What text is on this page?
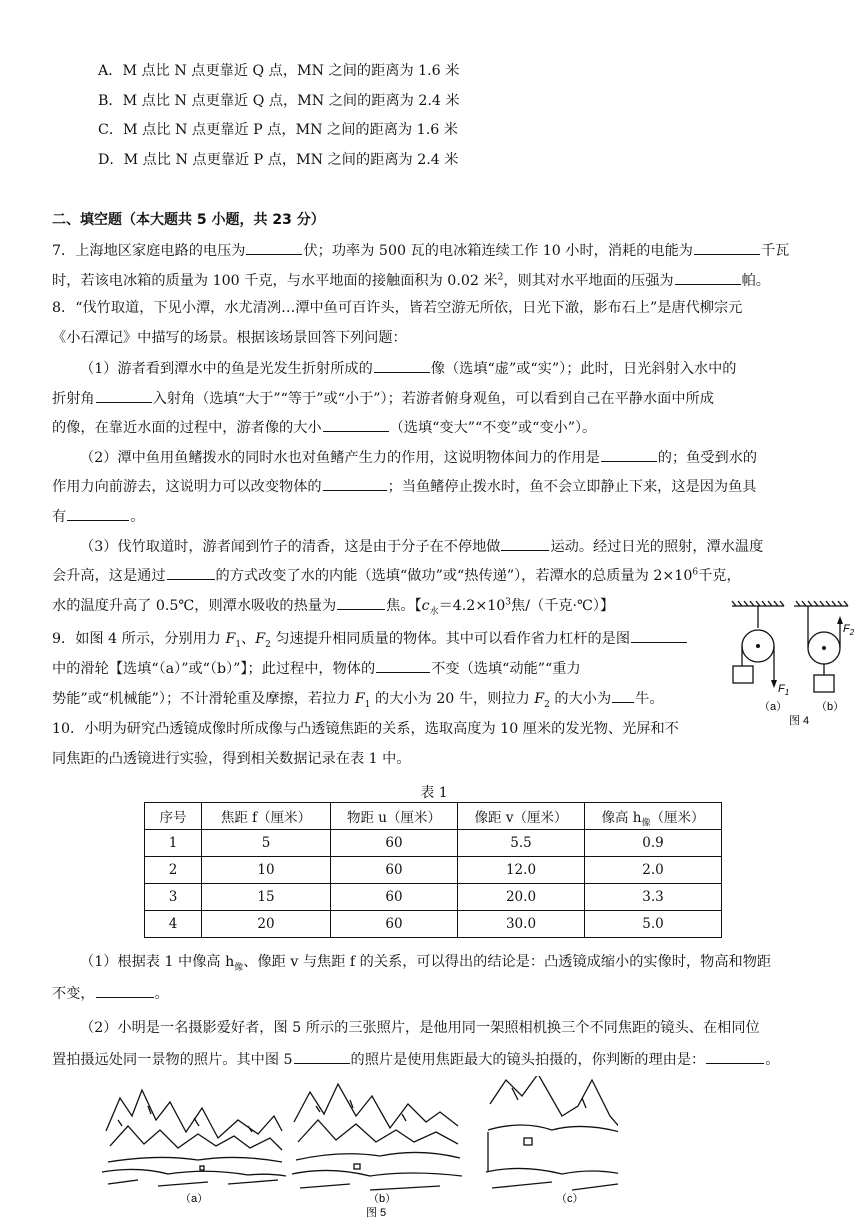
A．M 点比 N 点更靠近 Q 点，MN 之间的距离为 1.6 米
B．M 点比 N 点更靠近 Q 点，MN 之间的距离为 2.4 米
C．M 点比 N 点更靠近 P 点，MN 之间的距离为 1.6 米
D．M 点比 N 点更靠近 P 点，MN 之间的距离为 2.4 米
二、填空题（本大题共 5 小题，共 23 分）
7．上海地区家庭电路的电压为	伏；功率为 500 瓦的电冰箱连续工作 10 小时，消耗的电能为	千瓦
时，若该电冰箱的质量为 100 千克，与水平地面的接触面积为 0.02 米$^2$，则其对水平地面的压强为	帕。
8．“伐竹取道，下见小潭，水尤清冽…潭中鱼可百许头，皆若空游无所依，日光下澈，影布石上”是唐代柳宗元
《小石潭记》中描写的场景。根据该场景回答下列问题：
（1）游者看到潭水中的鱼是光发生折射所成的	像（选填“虚”或“实”）；此时，日光斜射入水中的
折射角	入射角（选填“大于”“等于”或“小于”）；若游者俯身观鱼，可以看到自己在平静水面中所成
的像，在靠近水面的过程中，游者像的大小	（选填“变大”“不变”或“变小”）。
（2）潭中鱼用鱼鳍拨水的同时水也对鱼鳍产生力的作用，这说明物体间力的作用是	的；鱼受到水的
作用力向前游去，这说明力可以改变物体的	；当鱼鳍停止拨水时，鱼不会立即静止下来，这是因为鱼具
有	。
（3）伐竹取道时，游者闻到竹子的清香，这是由于分子在不停地做	运动。经过日光的照射，潭水温度
会升高，这是通过	的方式改变了水的内能（选填“做功”或“热传递”），若潭水的总质量为 $2\times 10^6$千克，
水的温度升高了 0.5℃，则潭水吸收的热量为	焦。【$c_水=4.2\times 10^3$焦/（千克·℃）】
9．如图 4 所示，分别用力 $F_1$、$F_2$ 匀速提升相同质量的物体。其中可以看作省力杠杆的是图
中的滑轮【选填“（a）”或“（b）”】；此过程中，物体的	不变（选填“动能”“重力
势能”或“机械能”）；不计滑轮重及摩擦，若拉力 $F_1$ 的大小为 20 牛，则拉力 $F_2$ 的大小为 牛。
$F_1$
$F_2$
（a）	（b）
图 4
10．小明为研究凸透镜成像时所成像与凸透镜焦距的关系，选取高度为 10 厘米的发光物、光屏和不
同焦距的凸透镜进行实验，得到相关数据记录在表 1 中。
表 1
序号	焦距 f（厘米）	物距 u（厘米）	像距 v（厘米）	像高 $h_像$（厘米）
1	5	60	5.5	0.9
2	10	60	12.0	2.0
3	15	60	20.0	3.3
4	20	60	30.0	5.0
（1）根据表 1 中像高 $h_像$、像距 v 与焦距 f 的关系，可以得出的结论是：凸透镜成缩小的实像时，物高和物距
不变，	。
（2）小明是一名摄影爱好者，图 5 所示的三张照片，是他用同一架照相机换三个不同焦距的镜头、在相同位
置拍摄远处同一景物的照片。其中图 5	的照片是使用焦距最大的镜头拍摄的，你判断的理由是：	。
（a）	（b）	（c）
图 5
